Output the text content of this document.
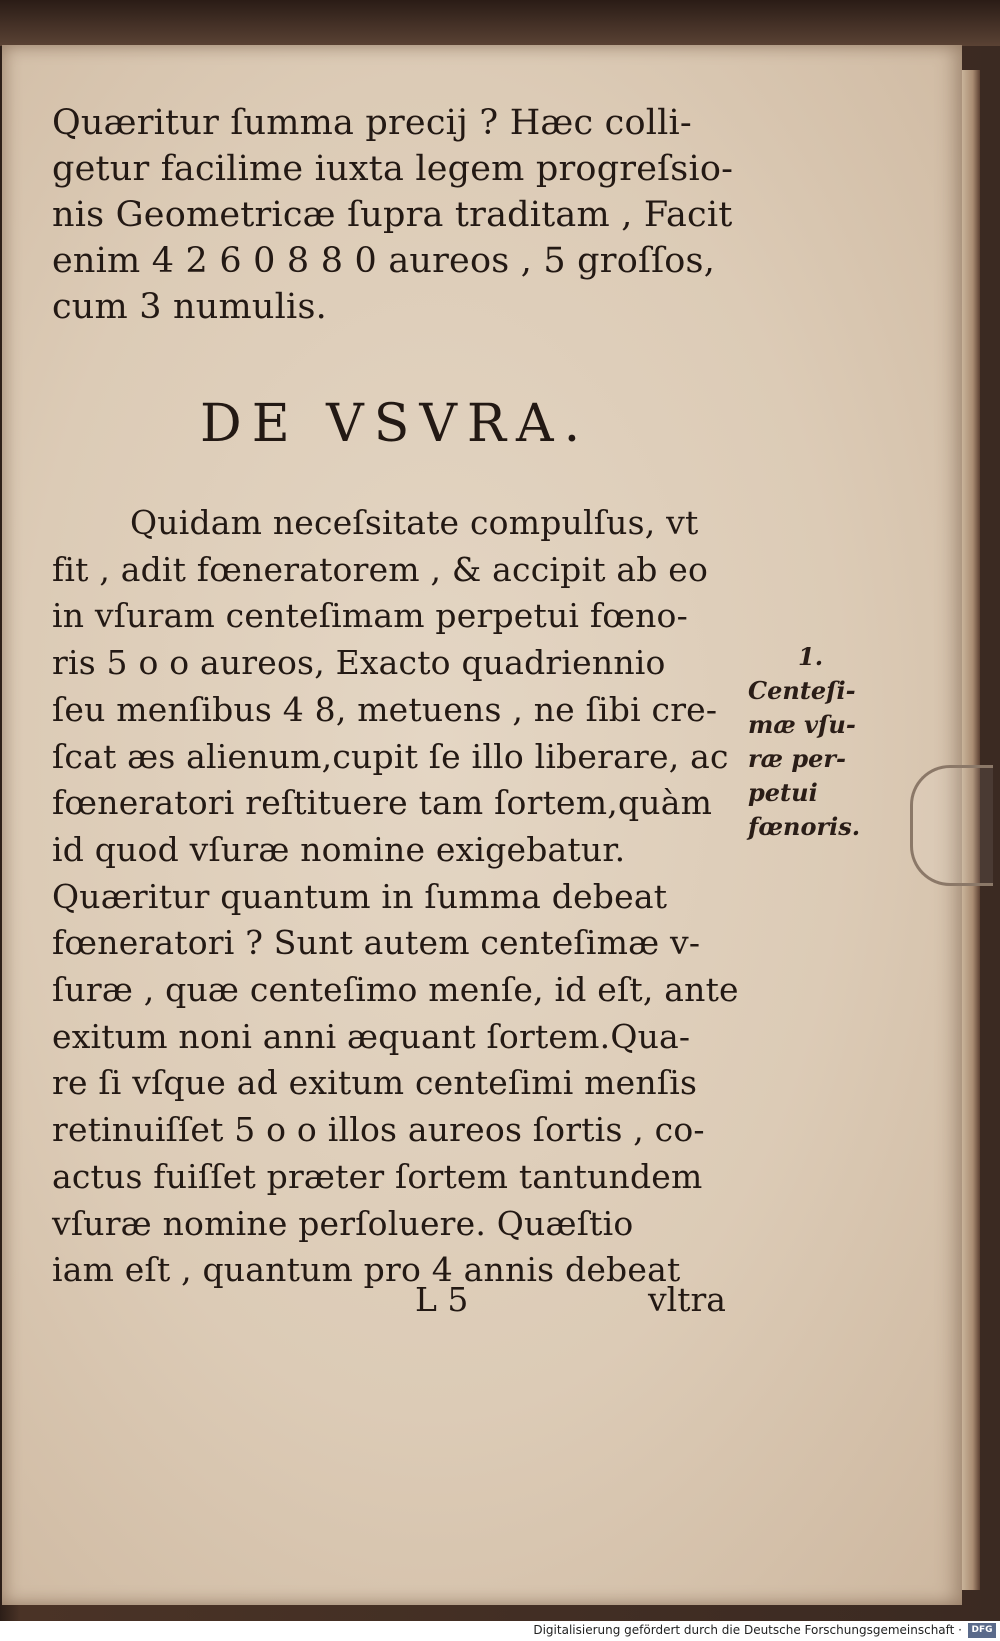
Quæritur ſumma precij ? Hæc colli-
getur facilime iuxta legem progreſsio-
nis Geometricæ ſupra traditam , Facit
enim 4 2 6 0 8 8 0 aureos , 5 groſſos,
cum 3 numulis.
DE VSVRA.
Quidam neceſsitate compulſus, vt
fit , adit fœneratorem , & accipit ab eo
in vſuram centeſimam perpetui fœno-
ris 5 o o aureos, Exacto quadriennio
ſeu menſibus 4 8, metuens , ne ſibi cre-
ſcat æs alienum,cupit ſe illo liberare, ac
fœneratori reſtituere tam ſortem,quàm
id quod vſuræ nomine exigebatur.
Quæritur quantum in ſumma debeat
fœneratori ? Sunt autem centeſimæ v-
ſuræ , quæ centeſimo menſe, id eſt, ante
exitum noni anni æquant ſortem.Qua-
re ſi vſque ad exitum centeſimi menſis
retinuiſſet 5 o o illos aureos ſortis , co-
actus fuiſſet præter ſortem tantundem
vſuræ nomine perſoluere. Quæſtio
iam eſt , quantum pro 4 annis debeat
L 5	vltra
1.
Centeſi-
mæ vſu-
ræ per-
petui
fœnoris.
Digitalisierung gefördert durch die Deutsche Forschungsgemeinschaft ·	DFG
